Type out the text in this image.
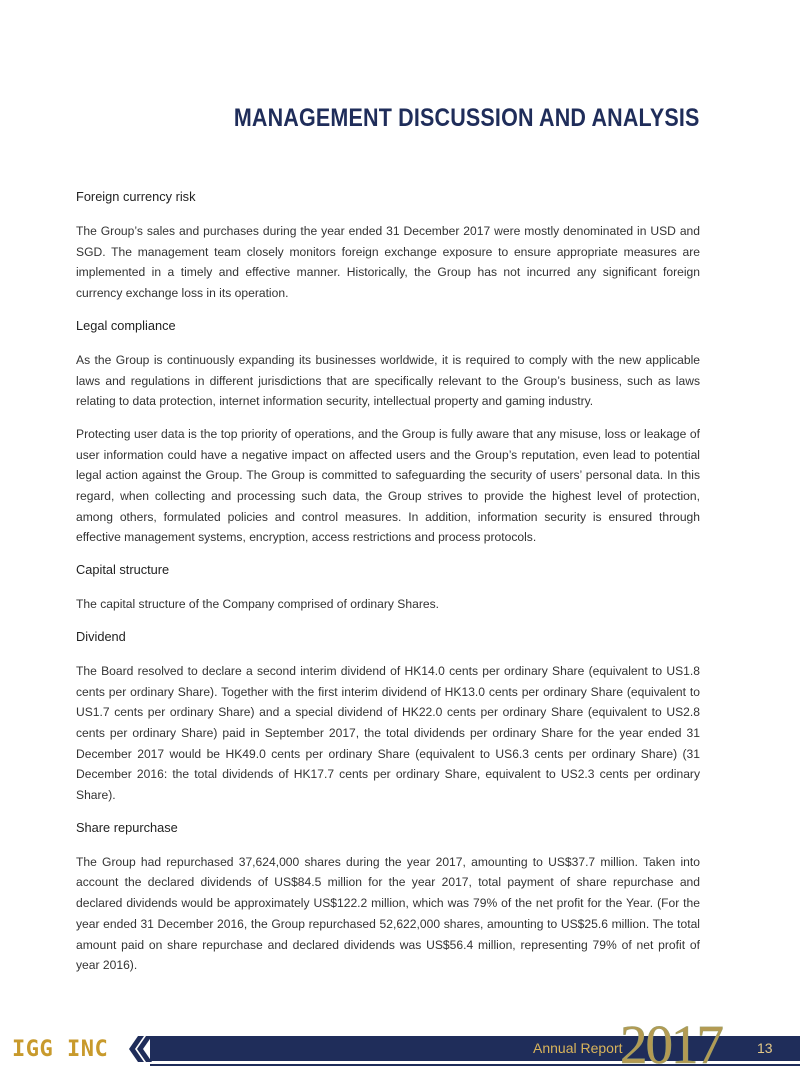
MANAGEMENT DISCUSSION AND ANALYSIS
Foreign currency risk

The Group’s sales and purchases during the year ended 31 December 2017 were mostly denominated in USD and SGD. The management team closely monitors foreign exchange exposure to ensure appropriate measures are implemented in a timely and effective manner. Historically, the Group has not incurred any significant foreign currency exchange loss in its operation.

Legal compliance

As the Group is continuously expanding its businesses worldwide, it is required to comply with the new applicable laws and regulations in different jurisdictions that are specifically relevant to the Group’s business, such as laws relating to data protection, internet information security, intellectual property and gaming industry.

Protecting user data is the top priority of operations, and the Group is fully aware that any misuse, loss or leakage of user information could have a negative impact on affected users and the Group’s reputation, even lead to potential legal action against the Group. The Group is committed to safeguarding the security of users’ personal data. In this regard, when collecting and processing such data, the Group strives to provide the highest level of protection, among others, formulated policies and control measures. In addition, information security is ensured through effective management systems, encryption, access restrictions and process protocols.

Capital structure

The capital structure of the Company comprised of ordinary Shares.

Dividend

The Board resolved to declare a second interim dividend of HK14.0 cents per ordinary Share (equivalent to US1.8 cents per ordinary Share). Together with the first interim dividend of HK13.0 cents per ordinary Share (equivalent to US1.7 cents per ordinary Share) and a special dividend of HK22.0 cents per ordinary Share (equivalent to US2.8 cents per ordinary Share) paid in September 2017, the total dividends per ordinary Share for the year ended 31 December 2017 would be HK49.0 cents per ordinary Share (equivalent to US6.3 cents per ordinary Share) (31 December 2016: the total dividends of HK17.7 cents per ordinary Share, equivalent to US2.3 cents per ordinary Share).

Share repurchase

The Group had repurchased 37,624,000 shares during the year 2017, amounting to US$37.7 million. Taken into account the declared dividends of US$84.5 million for the year 2017, total payment of share repurchase and declared dividends would be approximately US$122.2 million, which was 79% of the net profit for the Year. (For the year ended 31 December 2016, the Group repurchased 52,622,000 shares, amounting to US$25.6 million. The total amount paid on share repurchase and declared dividends was US$56.4 million, representing 79% of net profit of year 2016).

IGG INC	Annual Report
2017	13
